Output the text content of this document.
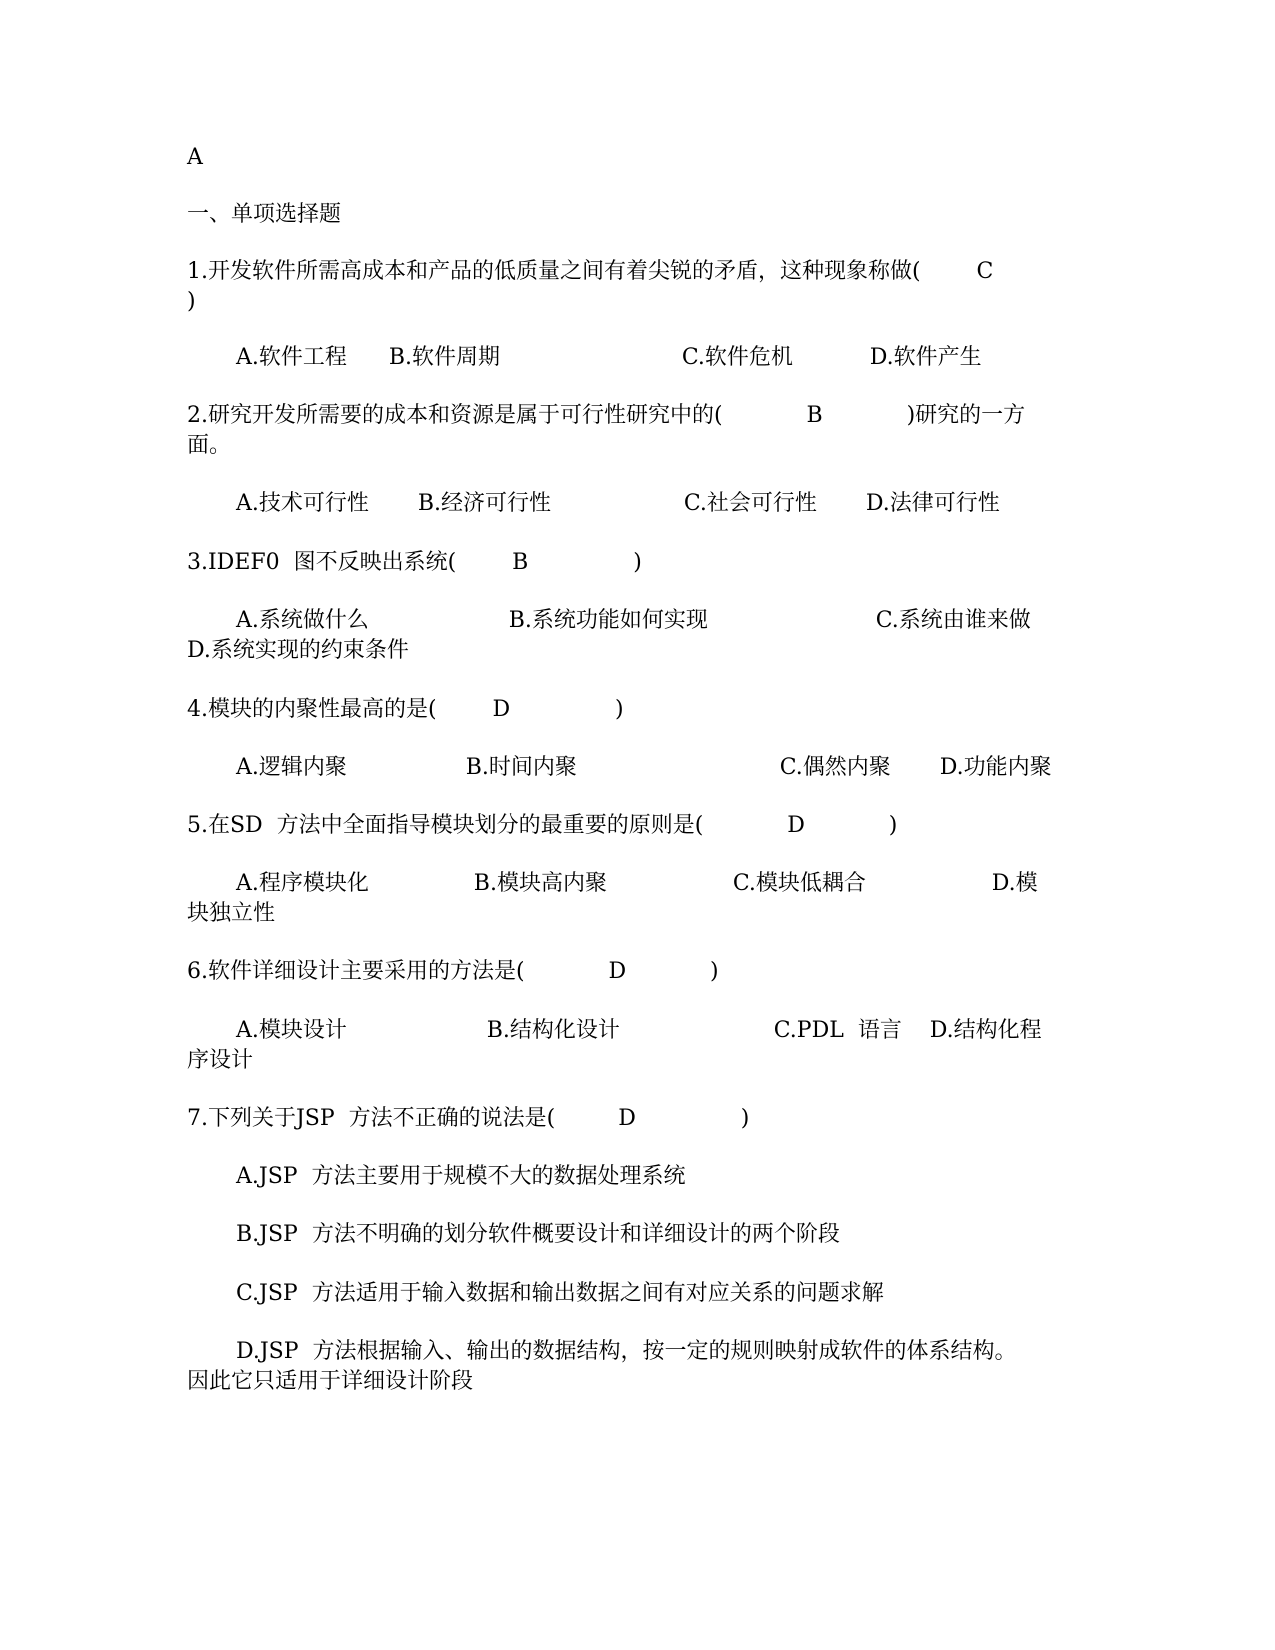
A
一、单项选择题
1.开发软件所需高成本和产品的低质量之间有着尖锐的矛盾，这种现象称做(        C
)
A.软件工程      B.软件周期                          C.软件危机           D.软件产生
2.研究开发所需要的成本和资源是属于可行性研究中的(            B            )研究的一方
面。
A.技术可行性       B.经济可行性                   C.社会可行性       D.法律可行性
3.IDEF0  图不反映出系统(        B               )
A.系统做什么                    B.系统功能如何实现                        C.系统由谁来做
D.系统实现的约束条件
4.模块的内聚性最高的是(        D               )
A.逻辑内聚                 B.时间内聚                             C.偶然内聚       D.功能内聚
5.在SD  方法中全面指导模块划分的最重要的原则是(            D            )
A.程序模块化               B.模块高内聚                  C.模块低耦合                  D.模
块独立性
6.软件详细设计主要采用的方法是(            D            )
A.模块设计                    B.结构化设计                      C.PDL  语言    D.结构化程
序设计
7.下列关于JSP  方法不正确的说法是(         D               )
A.JSP  方法主要用于规模不大的数据处理系统
B.JSP  方法不明确的划分软件概要设计和详细设计的两个阶段
C.JSP  方法适用于输入数据和输出数据之间有对应关系的问题求解
D.JSP  方法根据输入、输出的数据结构，按一定的规则映射成软件的体系结构。
因此它只适用于详细设计阶段
